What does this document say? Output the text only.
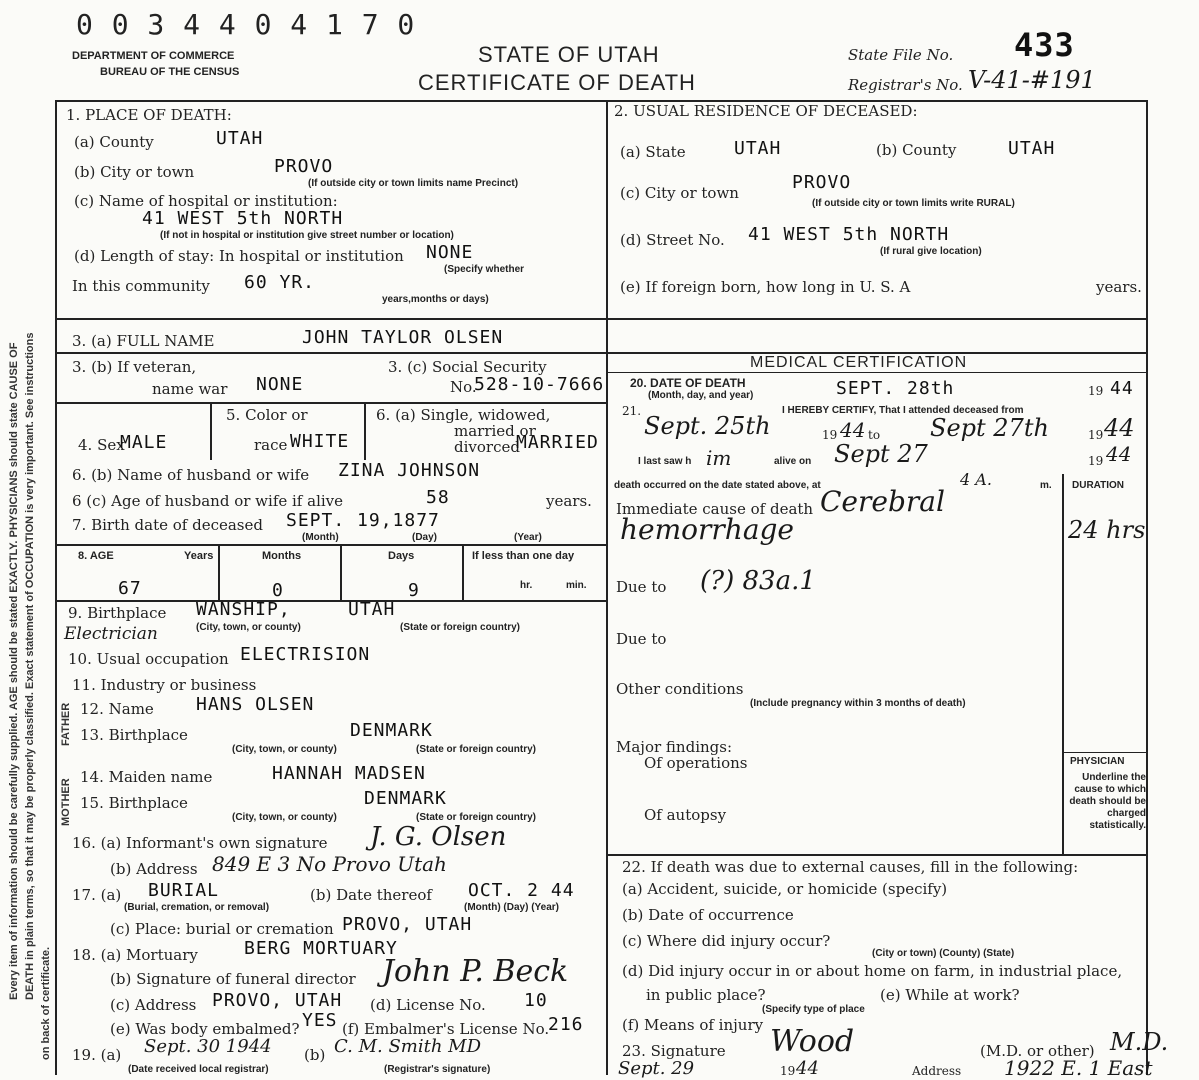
Every item of information should be carefully supplied. AGE should be stated EXACTLY. PHYSICIANS should state CAUSE OF DEATH in plain terms, so that it may be properly classified. Exact statement of OCCUPATION is very important. See instructions
on back of certificate.
0 0 3 4 4 0 4 1 7 0
DEPARTMENT OF COMMERCE
BUREAU OF THE CENSUS
STATE OF UTAH
CERTIFICATE OF DEATH
State File No. 433
Registrar's No. V-41-#191
1. PLACE OF DEATH:
(a) County	UTAH
(b) City or town	PROVO
(If outside city or town limits name Precinct)
(c) Name of hospital or institution:
41 WEST 5th NORTH
(If not in hospital or institution give street number or location)
(d) Length of stay: In hospital or institution NONE
(Specify whether
In this community 60 YR.
years,months or days)
2. USUAL RESIDENCE OF DECEASED:
(a) State	UTAH	(b) County	UTAH
(c) City or town	PROVO
(If outside city or town limits write RURAL)
(d) Street No. 41 WEST 5th NORTH
(If rural give location)
(e) If foreign born, how long in U. S. A	years.
3. (a) FULL NAME	JOHN TAYLOR OLSEN
3. (b) If veteran,
name war NONE
3. (c) Social Security
No.
528-10-7666
4. Sex
MALE
5. Color or
race WHITE
6. (a) Single, widowed,
married or
divorced
MARRIED
6. (b) Name of husband or wife ZINA JOHNSON
6 (c) Age of husband or wife if alive	58	years.
7. Birth date of deceased SEPT. 19,1877
(Month)	(Day)	(Year)
8. AGE	Years	Months	Days	If less than one day
67	0	9	hr.	min.
9. Birthplace WANSHIP,	UTAH
(City, town, or county)	(State or foreign country)
Electrician
10. Usual occupation ELECTRISION
11. Industry or business
FATHER
MOTHER
12. Name HANS OLSEN
13. Birthplace	DENMARK
(City, town, or county)	(State or foreign country)
14. Maiden name	HANNAH MADSEN
15. Birthplace	DENMARK
(City, town, or county)	(State or foreign country)
16. (a) Informant's own signature J. G. Olsen
(b) Address 849 E 3 No Provo Utah
17. (a) BURIAL
(Burial, cremation, or removal)
(b) Date thereof OCT. 2 44
(Month) (Day) (Year)
(c) Place: burial or cremation PROVO, UTAH
18. (a) Mortuary	BERG MORTUARY
(b) Signature of funeral director John P. Beck
(c) Address PROVO, UTAH (d) License No. 10
(e) Was body embalmed? YES (f) Embalmer's License No.
216
19. (a) Sept. 30 1944
(Date received local registrar)
(b) C. M. Smith MD
(Registrar's signature)
MEDICAL CERTIFICATION
20. DATE OF DEATH
(Month, day, and year)	SEPT. 28th	19 44
21.	I HEREBY CERTIFY, That I attended deceased from
Sept. 25th	19 44 to Sept 27th	19 44
I last saw h im	alive on Sept 27	19 44
death occurred on the date stated above, at	4 A.	m. DURATION
Immediate cause of death Cerebral hemorrhage	24 hrs
Due to (?) 83a.1
Due to
Other conditions
(Include pregnancy within 3 months of death)
Major findings:
Of operations
Of autopsy
PHYSICIAN
Underline the cause to which death should be charged statistically.
22. If death was due to external causes, fill in the following:
(a) Accident, suicide, or homicide (specify)
(b) Date of occurrence
(c) Where did injury occur?
(City or town) (County) (State)
(d) Did injury occur in or about home on farm, in industrial place,
in public place?	(e) While at work?
(Specify type of place
(f) Means of injury
23. Signature Wood	(M.D. or other) M.D.
Sept. 29	19 44	Address 1922 E. 1 East
